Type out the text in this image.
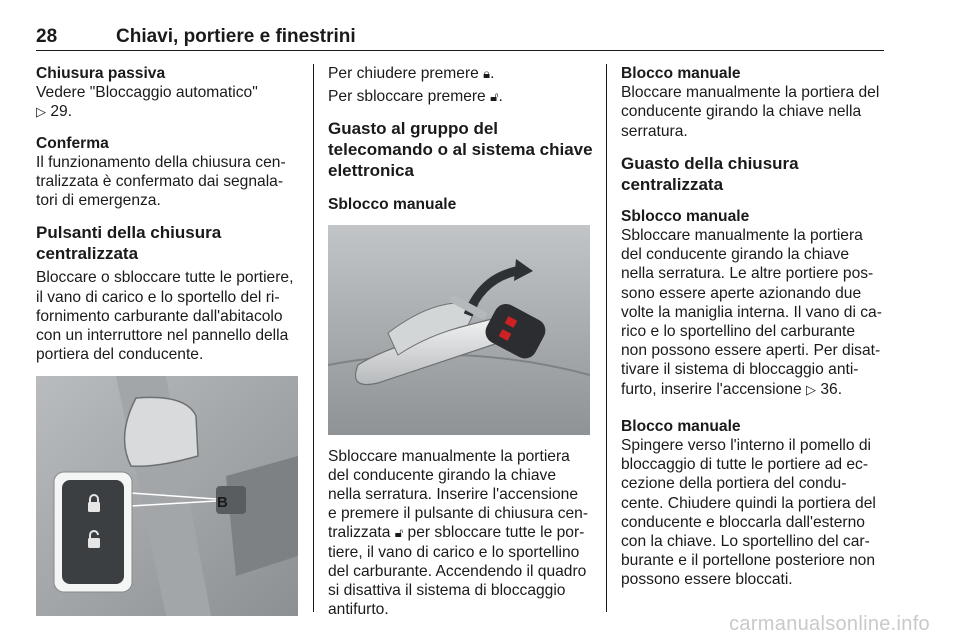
28	Chiavi, portiere e finestrini
Chiusura passiva
Vedere "Bloccaggio automatico"
▷ 29.
Conferma
Il funzionamento della chiusura cen-
tralizzata è confermato dai segnala-
tori di emergenza.
Pulsanti della chiusura
centralizzata
Bloccare o sbloccare tutte le portiere,
il vano di carico e lo sportello del ri-
fornimento carburante dall'abitacolo
con un interruttore nel pannello della
portiera del conducente.
B
Per chiudere premere 🔒︎.
Per sbloccare premere 🔓︎.
Guasto al gruppo del
telecomando o al sistema chiave
elettronica
Sblocco manuale
Sbloccare manualmente la portiera
del conducente girando la chiave
nella serratura. Inserire l'accensione
e premere il pulsante di chiusura cen-
tralizzata 🔓︎ per sbloccare tutte le por-
tiere, il vano di carico e lo sportellino
del carburante. Accendendo il quadro
si disattiva il sistema di bloccaggio
antifurto.
Blocco manuale
Bloccare manualmente la portiera del
conducente girando la chiave nella
serratura.
Guasto della chiusura
centralizzata
Sblocco manuale
Sbloccare manualmente la portiera
del conducente girando la chiave
nella serratura. Le altre portiere pos-
sono essere aperte azionando due
volte la maniglia interna. Il vano di ca-
rico e lo sportellino del carburante
non possono essere aperti. Per disat-
tivare il sistema di bloccaggio anti-
furto, inserire l'accensione ▷ 36.
Blocco manuale
Spingere verso l'interno il pomello di
bloccaggio di tutte le portiere ad ec-
cezione della portiera del condu-
cente. Chiudere quindi la portiera del
conducente e bloccarla dall'esterno
con la chiave. Lo sportellino del car-
burante e il portellone posteriore non
possono essere bloccati.
carmanualsonline.info
